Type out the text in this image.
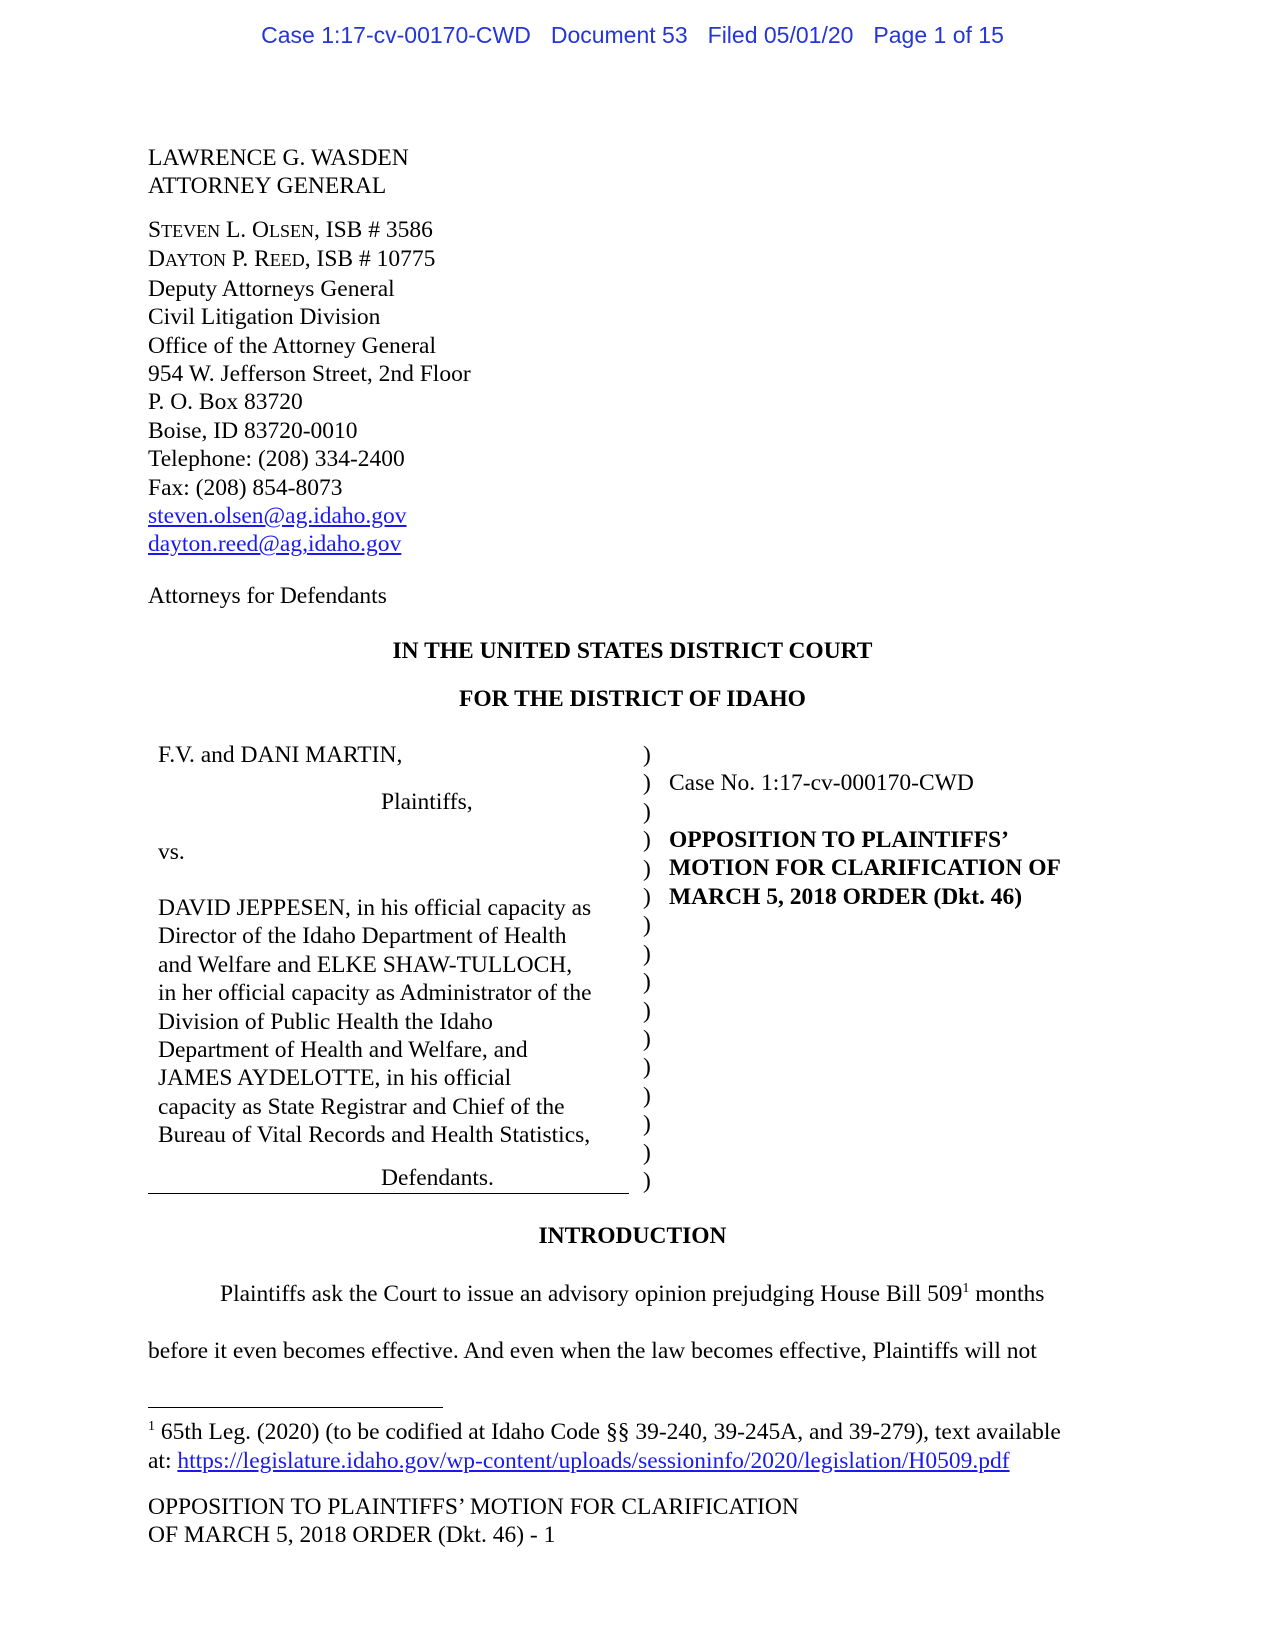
Case 1:17-cv-00170-CWD Document 53 Filed 05/01/20 Page 1 of 15
LAWRENCE G. WASDEN
ATTORNEY GENERAL
STEVEN L. OLSEN, ISB # 3586
DAYTON P. REED, ISB # 10775
Deputy Attorneys General
Civil Litigation Division
Office of the Attorney General
954 W. Jefferson Street, 2nd Floor
P. O. Box 83720
Boise, ID 83720-0010
Telephone: (208) 334-2400
Fax: (208) 854-8073
steven.olsen@ag.idaho.gov
dayton.reed@ag,idaho.gov
Attorneys for Defendants
IN THE UNITED STATES DISTRICT COURT
FOR THE DISTRICT OF IDAHO
F.V. and DANI MARTIN,
Plaintiffs,
vs.
DAVID JEPPESEN, in his official capacity as
Director of the Idaho Department of Health
and Welfare and ELKE SHAW-TULLOCH,
in her official capacity as Administrator of the
Division of Public Health the Idaho
Department of Health and Welfare, and
JAMES AYDELOTTE, in his official
capacity as State Registrar and Chief of the
Bureau of Vital Records and Health Statistics,
Defendants.
)
)
)
)
)
)
)
)
)
)
)
)
)
)
)
)
Case No. 1:17-cv-000170-CWD
OPPOSITION TO PLAINTIFFS’
MOTION FOR CLARIFICATION OF
MARCH 5, 2018 ORDER (Dkt. 46)
INTRODUCTION
Plaintiffs ask the Court to issue an advisory opinion prejudging House Bill $509^1$ months
before it even becomes effective. And even when the law becomes effective, Plaintiffs will not
$^1$ 65th Leg. (2020) (to be codified at Idaho Code §§ 39-240, 39-245A, and 39-279), text available
at: https://legislature.idaho.gov/wp-content/uploads/sessioninfo/2020/legislation/H0509.pdf
OPPOSITION TO PLAINTIFFS’ MOTION FOR CLARIFICATION
OF MARCH 5, 2018 ORDER (Dkt. 46) - 1
